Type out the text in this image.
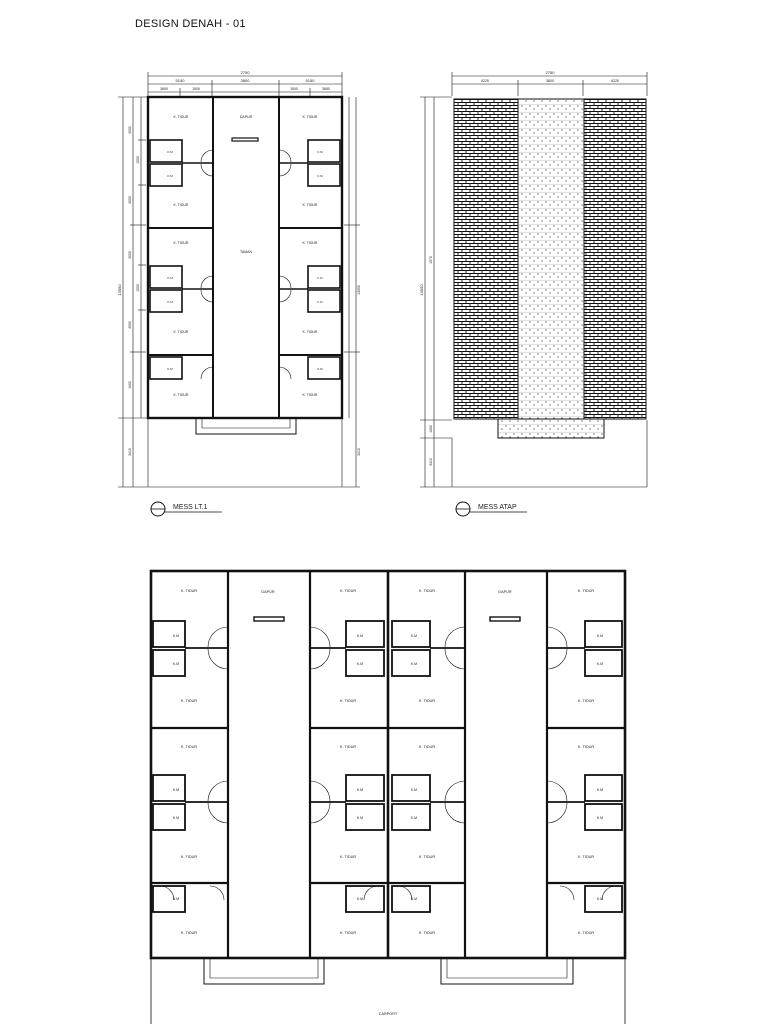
DESIGN DENAH - 01
2750
5150	3800	5150
3650	1500	1500	3650
13050
4000
1500
4000
4000
1500
4000
1000
3410
13050
3410
K. TIDUR
K. TIDUR
K. TIDUR
K. TIDUR
K. TIDUR
K. TIDUR
K. TIDUR
K. TIDUR
K. TIDUR
K. TIDUR
K.M
K.M
K.M
K.M
K.M
K.M
K.M
K.M
K.M
K.M
DAPUR
TAMAN
MESS LT.1
2750
6225	3800	6225
13050
1570
1000
3410
MESS ATAP
K. TIDUR
K. TIDUR
K. TIDUR
K. TIDUR
K. TIDUR
K. TIDUR
K. TIDUR
K. TIDUR
K. TIDUR
K. TIDUR
K. TIDUR
K. TIDUR
K. TIDUR
K. TIDUR
K. TIDUR
K. TIDUR
K. TIDUR
K. TIDUR
K. TIDUR
K. TIDUR
K.M
K.M
K.M
K.M
K.M
K.M
K.M
K.M
K.M
K.M
K.M
K.M
K.M
K.M
K.M
K.M
K.M
K.M
K.M
K.M
DAPUR	DAPUR
CARPORT
